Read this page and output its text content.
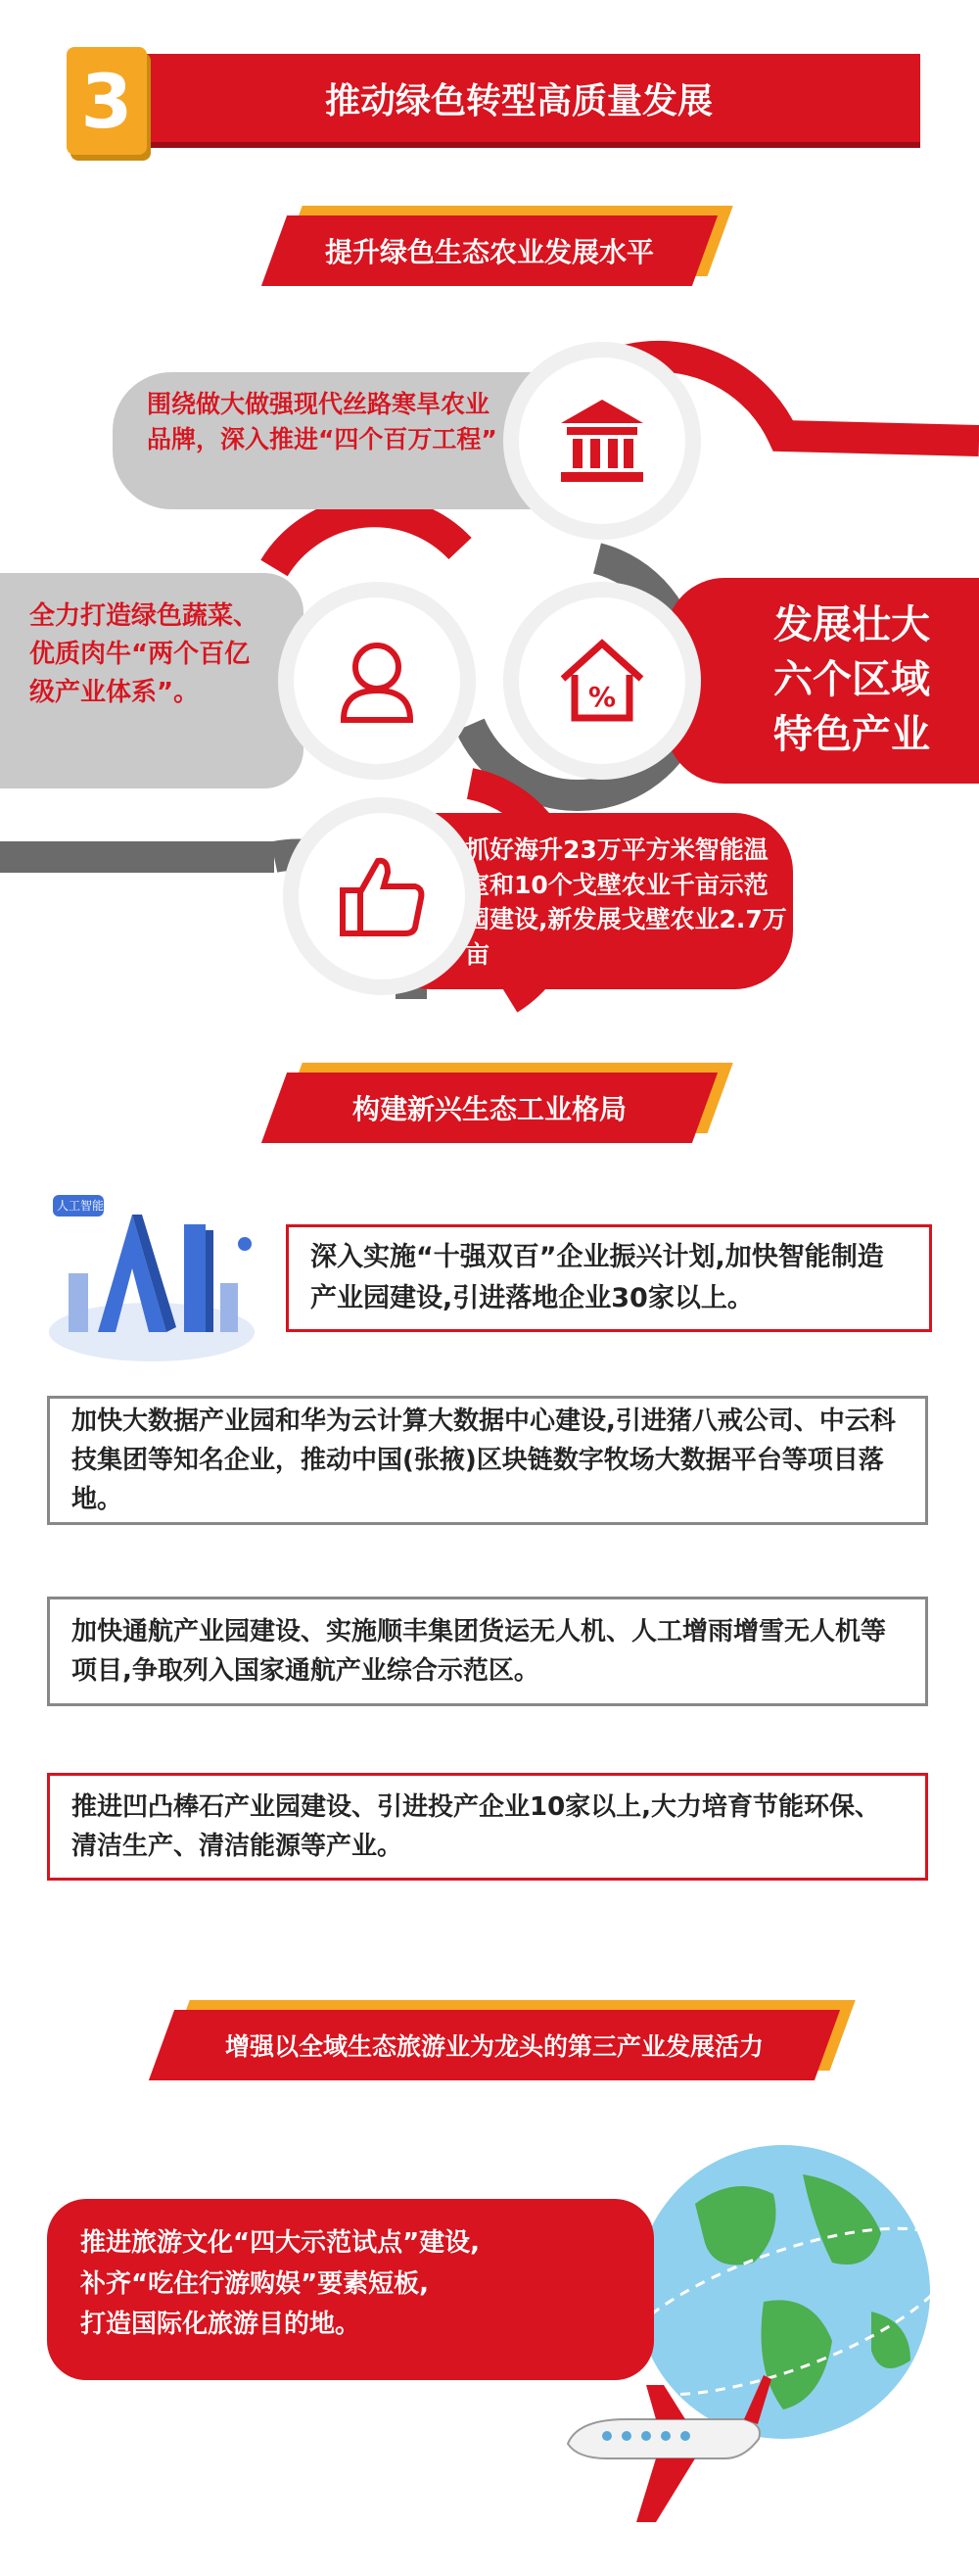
推动绿色转型高质量发展
3
提升绿色生态农业发展水平
围绕做大做强现代丝路寒旱农业品牌，深入推进“四个百万工程”
全力打造绿色蔬菜、优质肉牛“两个百亿级产业体系”。
发展壮大六个区域特色产业
%
抓好海升23万平方米智能温室和10个戈壁农业千亩示范园建设,新发展戈壁农业2.7万亩
构建新兴生态工业格局
人工智能
深入实施“十强双百”企业振兴计划,加快智能制造产业园建设,引进落地企业30家以上。
加快大数据产业园和华为云计算大数据中心建设,引进猪八戒公司、中云科技集团等知名企业，推动中国(张掖)区块链数字牧场大数据平台等项目落地。
加快通航产业园建设、实施顺丰集团货运无人机、人工增雨增雪无人机等项目,争取列入国家通航产业综合示范区。
推进凹凸棒石产业园建设、引进投产企业10家以上,大力培育节能环保、清洁生产、清洁能源等产业。
增强以全域生态旅游业为龙头的第三产业发展活力
推进旅游文化“四大示范试点”建设,
补齐“吃住行游购娱”要素短板,
打造国际化旅游目的地。
